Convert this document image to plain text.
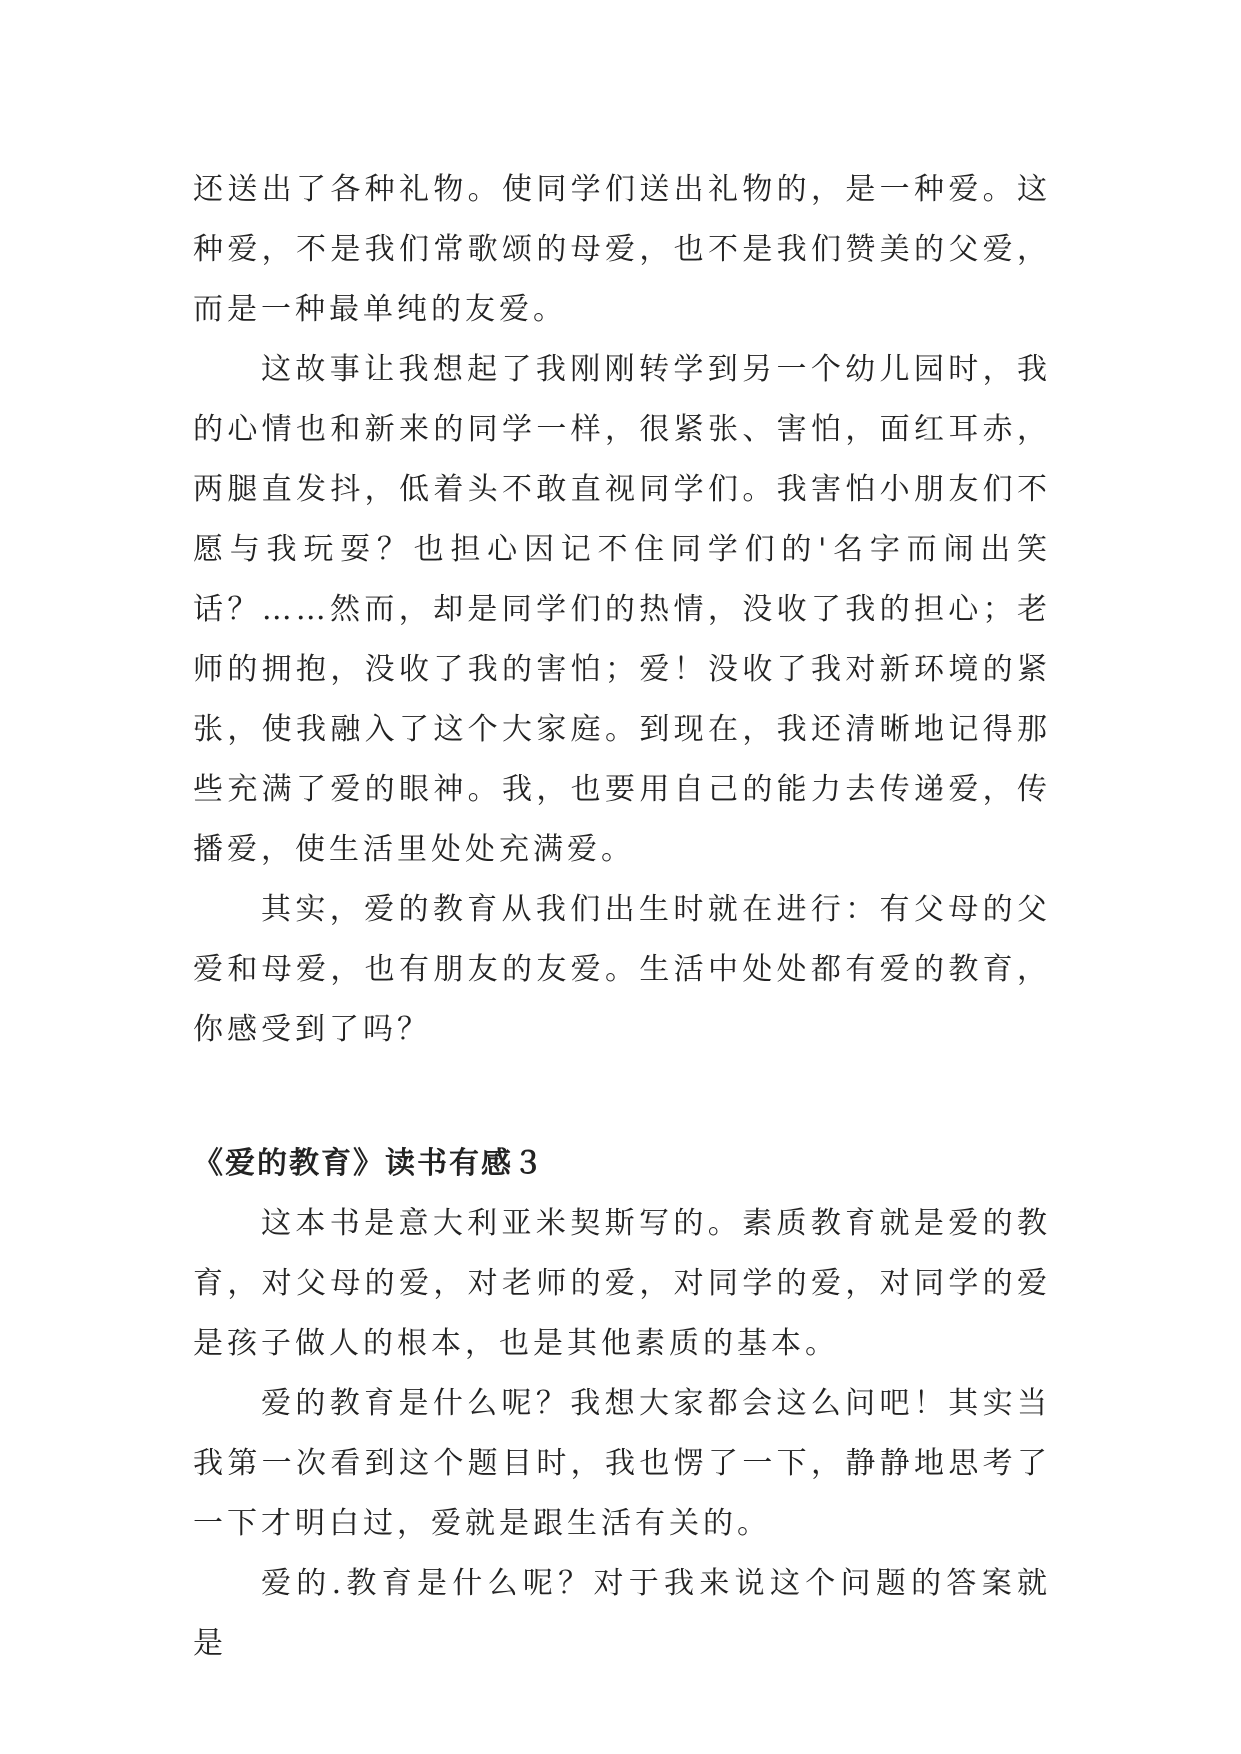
还送出了各种礼物。使同学们送出礼物的，是一种爱。这种爱，不是我们常歌颂的母爱，也不是我们赞美的父爱，而是一种最单纯的友爱。

这故事让我想起了我刚刚转学到另一个幼儿园时，我的心情也和新来的同学一样，很紧张、害怕，面红耳赤，两腿直发抖，低着头不敢直视同学们。我害怕小朋友们不愿与我玩耍？也担心因记不住同学们的'名字而闹出笑话？……然而，却是同学们的热情，没收了我的担心；老师的拥抱，没收了我的害怕；爱！没收了我对新环境的紧张，使我融入了这个大家庭。到现在，我还清晰地记得那些充满了爱的眼神。我，也要用自己的能力去传递爱，传播爱，使生活里处处充满爱。

其实，爱的教育从我们出生时就在进行：有父母的父爱和母爱，也有朋友的友爱。生活中处处都有爱的教育，你感受到了吗？

《爱的教育》读书有感３

这本书是意大利亚米契斯写的。素质教育就是爱的教育，对父母的爱，对老师的爱，对同学的爱，对同学的爱是孩子做人的根本，也是其他素质的基本。

爱的教育是什么呢？我想大家都会这么问吧！其实当我第一次看到这个题目时，我也愣了一下，静静地思考了一下才明白过，爱就是跟生活有关的。

爱的.教育是什么呢？对于我来说这个问题的答案就是
